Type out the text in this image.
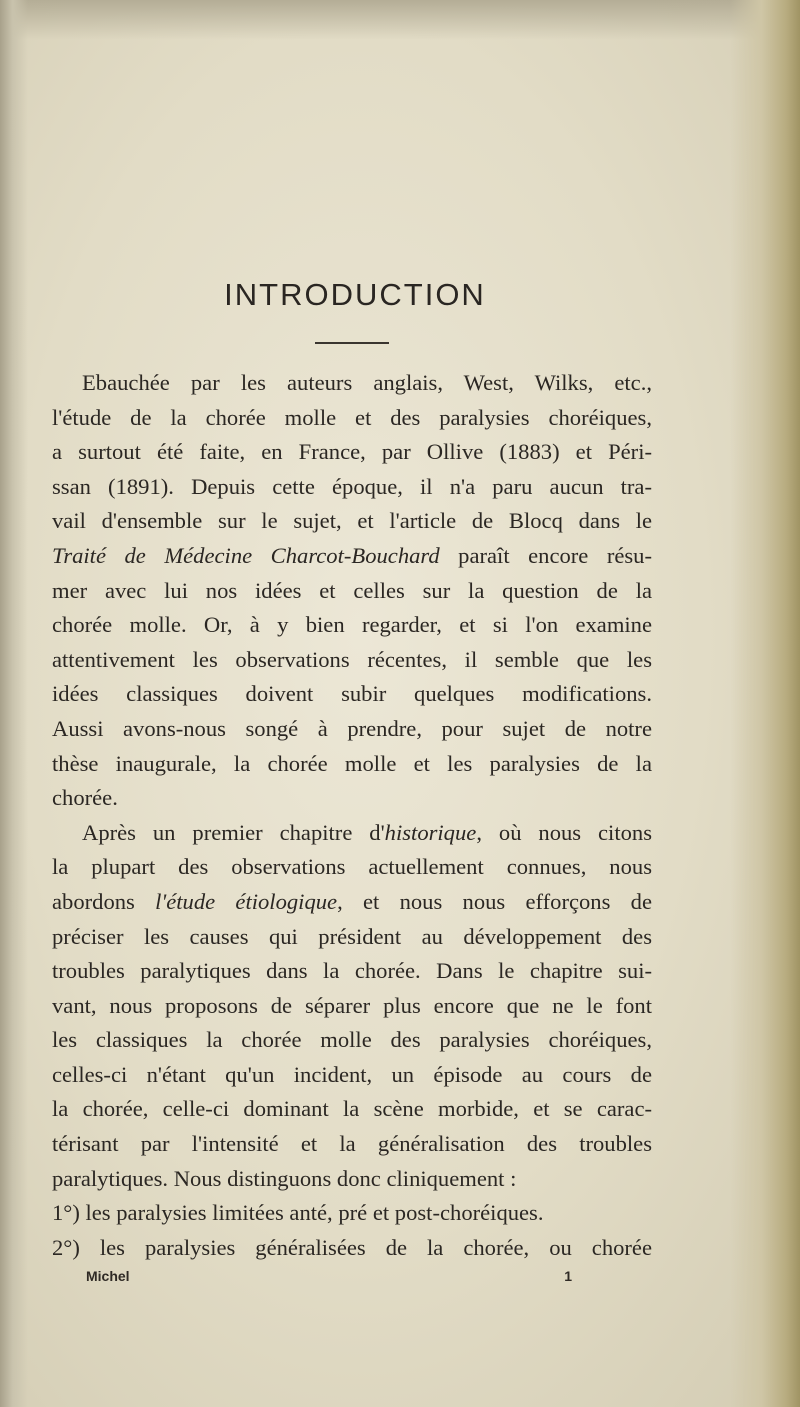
INTRODUCTION
Ebauchée par les auteurs anglais, West, Wilks, etc.,
l'étude de la chorée molle et des paralysies choréiques,
a surtout été faite, en France, par Ollive (1883) et Péri-
ssan (1891). Depuis cette époque, il n'a paru aucun tra-
vail d'ensemble sur le sujet, et l'article de Blocq dans le
Traité de Médecine Charcot-Bouchard paraît encore résu-
mer avec lui nos idées et celles sur la question de la
chorée molle. Or, à y bien regarder, et si l'on examine
attentivement les observations récentes, il semble que les
idées classiques doivent subir quelques modifications.
Aussi avons-nous songé à prendre, pour sujet de notre
thèse inaugurale, la chorée molle et les paralysies de la
chorée.
Après un premier chapitre d'historique, où nous citons
la plupart des observations actuellement connues, nous
abordons l'étude étiologique, et nous nous efforçons de
préciser les causes qui président au développement des
troubles paralytiques dans la chorée. Dans le chapitre sui-
vant, nous proposons de séparer plus encore que ne le font
les classiques la chorée molle des paralysies choréiques,
celles-ci n'étant qu'un incident, un épisode au cours de
la chorée, celle-ci dominant la scène morbide, et se carac-
térisant par l'intensité et la généralisation des troubles
paralytiques. Nous distinguons donc cliniquement :
1°) les paralysies limitées anté, pré et post-choréiques.
2°) les paralysies généralisées de la chorée, ou chorée
Michel	1
